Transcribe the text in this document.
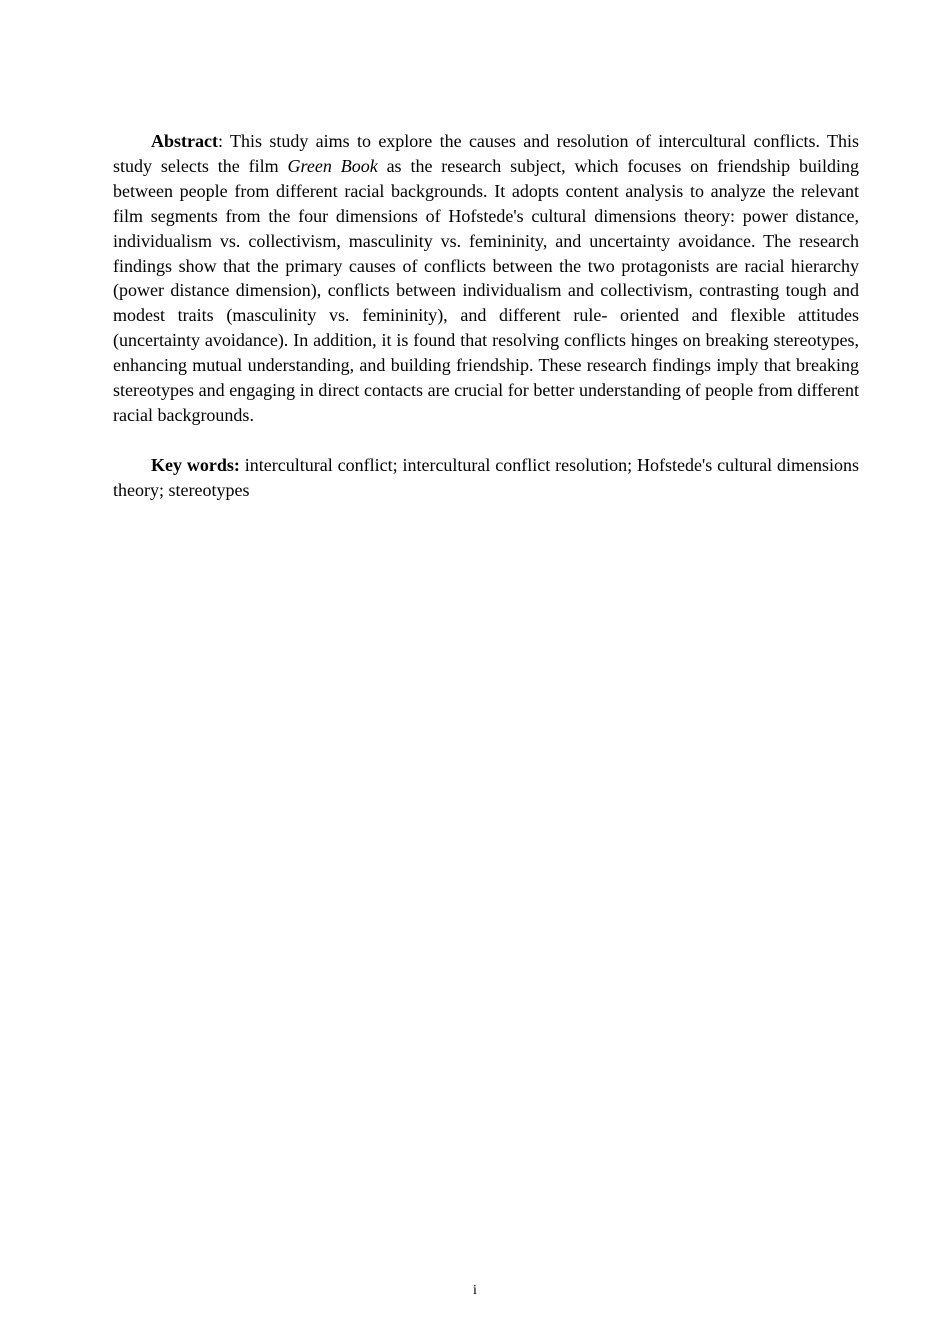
Abstract: This study aims to explore the causes and resolution of intercultural conflicts. This study selects the film Green Book as the research subject, which focuses on friendship building between people from different racial backgrounds. It adopts content analysis to analyze the relevant film segments from the four dimensions of Hofstede's cultural dimensions theory: power distance, individualism vs. collectivism, masculinity vs. femininity, and uncertainty avoidance. The research findings show that the primary causes of conflicts between the two protagonists are racial hierarchy (power distance dimension), conflicts between individualism and collectivism, contrasting tough and modest traits (masculinity vs. femininity), and different rule- oriented and flexible attitudes (uncertainty avoidance). In addition, it is found that resolving conflicts hinges on breaking stereotypes, enhancing mutual understanding, and building friendship. These research findings imply that breaking stereotypes and engaging in direct contacts are crucial for better understanding of people from different racial backgrounds.

Key words: intercultural conflict; intercultural conflict resolution; Hofstede's cultural dimensions theory; stereotypes

i
